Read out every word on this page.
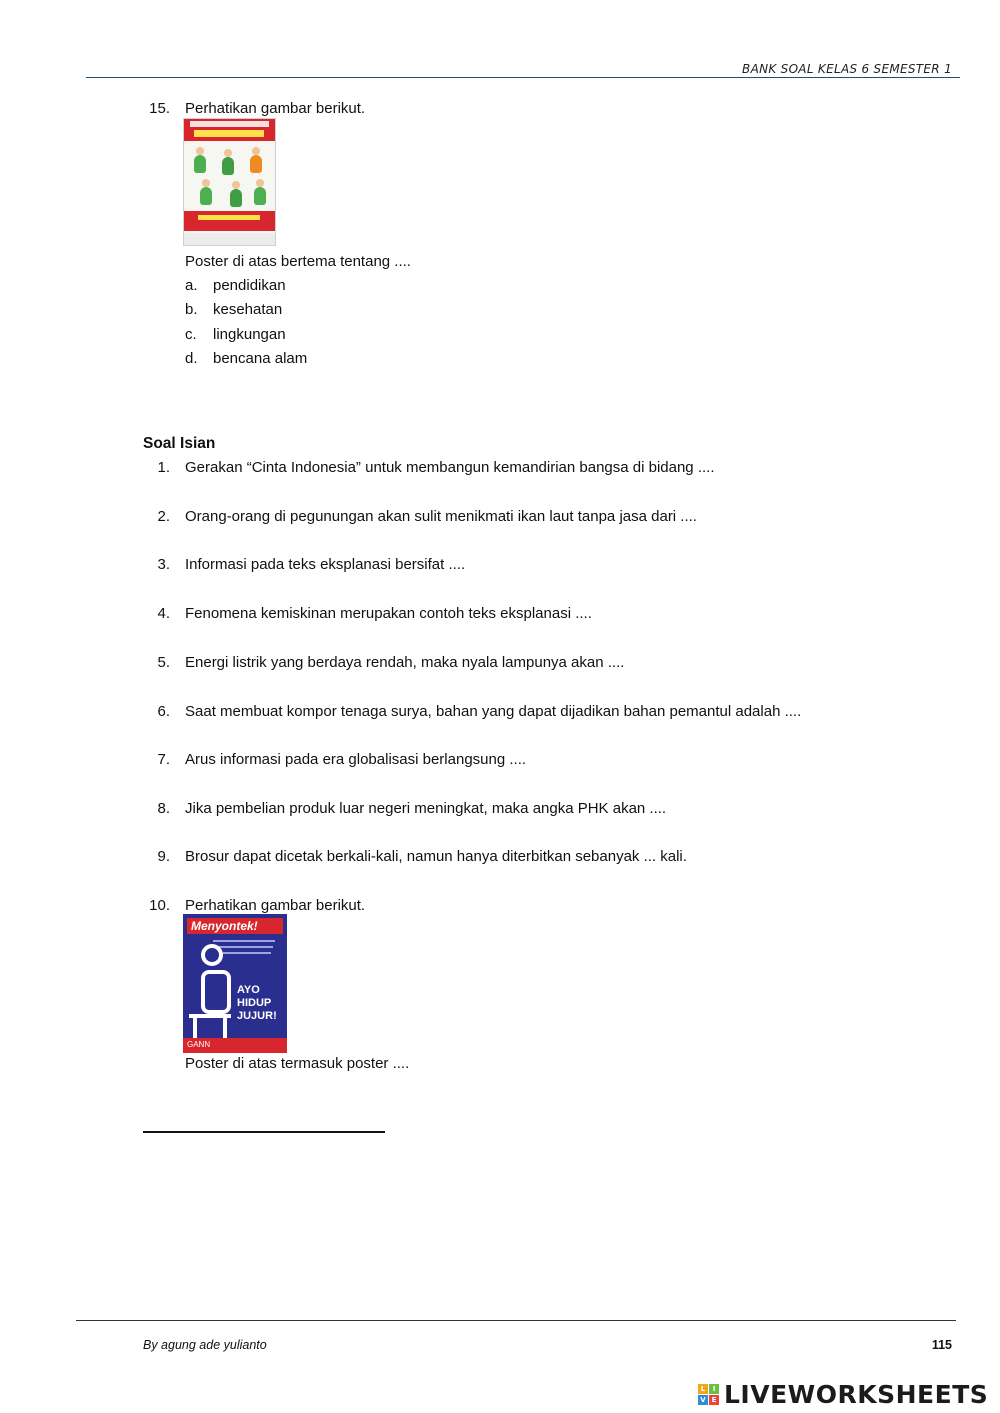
BANK SOAL KELAS 6 SEMESTER 1
15. Perhatikan gambar berikut.
Poster di atas bertema tentang ....
a. pendidikan
b. kesehatan
c. lingkungan
d. bencana alam
Soal Isian
1. Gerakan “Cinta Indonesia” untuk membangun kemandirian bangsa di bidang ....
2. Orang-orang di pegunungan akan sulit menikmati ikan laut tanpa jasa dari ....
3. Informasi pada teks eksplanasi bersifat ....
4. Fenomena kemiskinan merupakan contoh teks eksplanasi ....
5. Energi listrik yang berdaya rendah, maka nyala lampunya akan ....
6. Saat membuat kompor tenaga surya, bahan yang dapat dijadikan bahan pemantul adalah ....
7. Arus informasi pada era globalisasi berlangsung ....
8. Jika pembelian produk luar negeri meningkat, maka angka PHK akan ....
9. Brosur dapat dicetak berkali-kali, namun hanya diterbitkan sebanyak ... kali.
10. Perhatikan gambar berikut.
Menyontek!
AYO
HIDUP
JUJUR!
GANN
Poster di atas termasuk poster ....
By agung ade yulianto	115
L	I
V E LIVEWORKSHEETS
